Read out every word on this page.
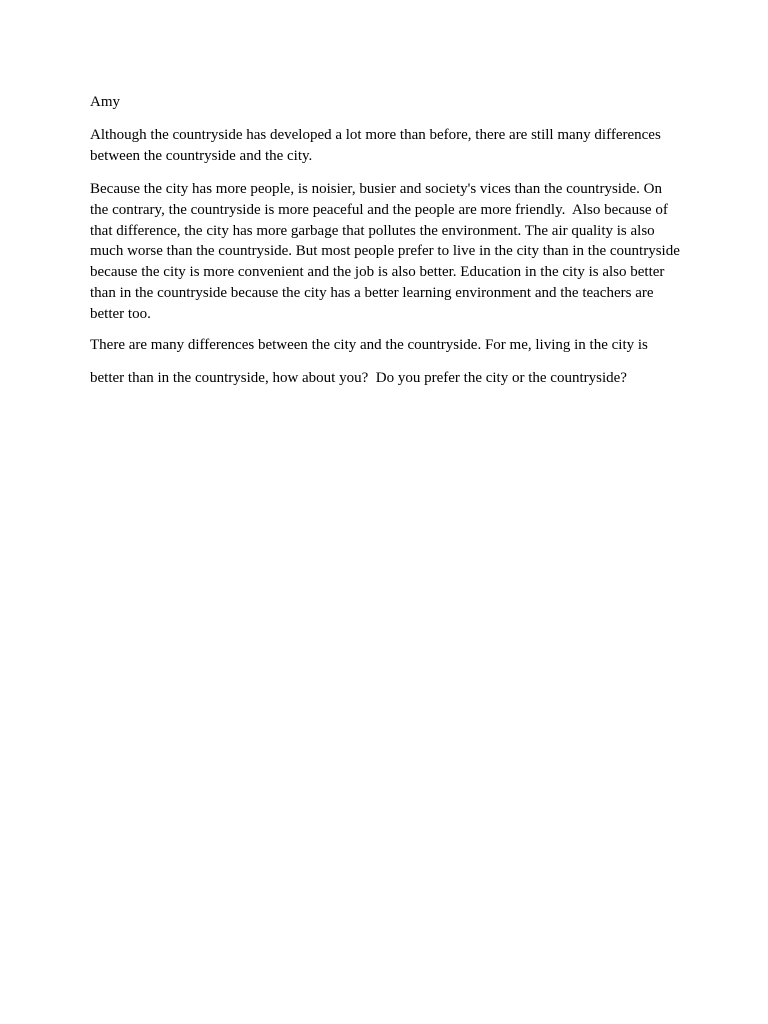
Amy
Although the countryside has developed a lot more than before, there are still many differences between the countryside and the city.
Because the city has more people, is noisier, busier and society's vices than the countryside. On the contrary, the countryside is more peaceful and the people are more friendly.  Also because of that difference, the city has more garbage that pollutes the environment. The air quality is also much worse than the countryside. But most people prefer to live in the city than in the countryside because the city is more convenient and the job is also better. Education in the city is also better than in the countryside because the city has a better learning environment and the teachers are better too.
There are many differences between the city and the countryside. For me, living in the city is
better than in the countryside, how about you?  Do you prefer the city or the countryside?
